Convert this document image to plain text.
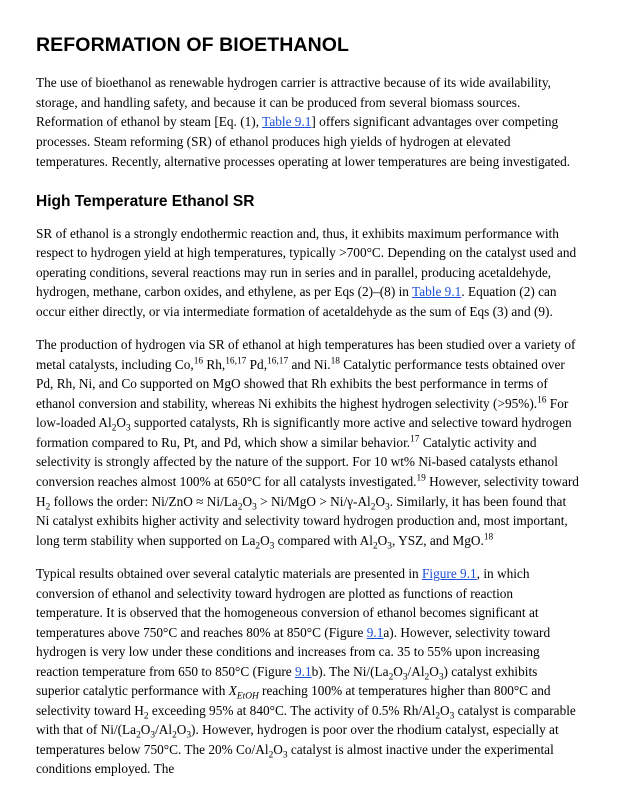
REFORMATION OF BIOETHANOL

The use of bioethanol as renewable hydrogen carrier is attractive because of its wide availability, storage, and handling safety, and because it can be produced from several biomass sources. Reformation of ethanol by steam [Eq. (1), Table 9.1] offers significant advantages over competing processes. Steam reforming (SR) of ethanol produces high yields of hydrogen at elevated temperatures. Recently, alternative processes operating at lower temperatures are being investigated.

High Temperature Ethanol SR

SR of ethanol is a strongly endothermic reaction and, thus, it exhibits maximum performance with respect to hydrogen yield at high temperatures, typically >700°C. Depending on the catalyst used and operating conditions, several reactions may run in series and in parallel, producing acetaldehyde, hydrogen, methane, carbon oxides, and ethylene, as per Eqs (2)–(8) in Table 9.1. Equation (2) can occur either directly, or via intermediate formation of acetaldehyde as the sum of Eqs (3) and (9).

The production of hydrogen via SR of ethanol at high temperatures has been studied over a variety of metal catalysts, including Co,$^{16}$ Rh,$^{16,17}$ Pd,$^{16,17}$ and Ni.$^{18}$ Catalytic performance tests obtained over Pd, Rh, Ni, and Co supported on MgO showed that Rh exhibits the best performance in terms of ethanol conversion and stability, whereas Ni exhibits the highest hydrogen selectivity (>95%).$^{16}$ For low-loaded $Al_2O_3$ supported catalysts, Rh is significantly more active and selective toward hydrogen formation compared to Ru, Pt, and Pd, which show a similar behavior.$^{17}$ Catalytic activity and selectivity is strongly affected by the nature of the support. For 10 wt% Ni-based catalysts ethanol conversion reaches almost 100% at 650°C for all catalysts investigated.$^{19}$ However, selectivity toward $H_2$ follows the order: $Ni/ZnO \approx Ni/La_2O_3 > Ni/MgO > Ni/\gamma-Al_2O_3$. Similarly, it has been found that Ni catalyst exhibits higher activity and selectivity toward hydrogen production and, most important, long term stability when supported on $La_2O_3$ compared with $Al_2O_3$, YSZ, and MgO.$^{18}$

Typical results obtained over several catalytic materials are presented in Figure 9.1, in which conversion of ethanol and selectivity toward hydrogen are plotted as functions of reaction temperature. It is observed that the homogeneous conversion of ethanol becomes significant at temperatures above 750°C and reaches 80% at 850°C (Figure 9.1a). However, selectivity toward hydrogen is very low under these conditions and increases from ca. 35 to 55% upon increasing reaction temperature from 650 to 850°C (Figure 9.1b). The $Ni/(La_2O_3/Al_2O_3)$ catalyst exhibits superior catalytic performance with $X_{EtOH}$ reaching 100% at temperatures higher than 800°C and selectivity toward $H_2$ exceeding 95% at 840°C. The activity of 0.5% $Rh/Al_2O_3$ catalyst is comparable with that of $Ni/(La_2O_3/Al_2O_3)$. However, hydrogen is poor over the rhodium catalyst, especially at temperatures below 750°C. The 20% $Co/Al_2O_3$ catalyst is almost inactive under the experimental conditions employed. The
